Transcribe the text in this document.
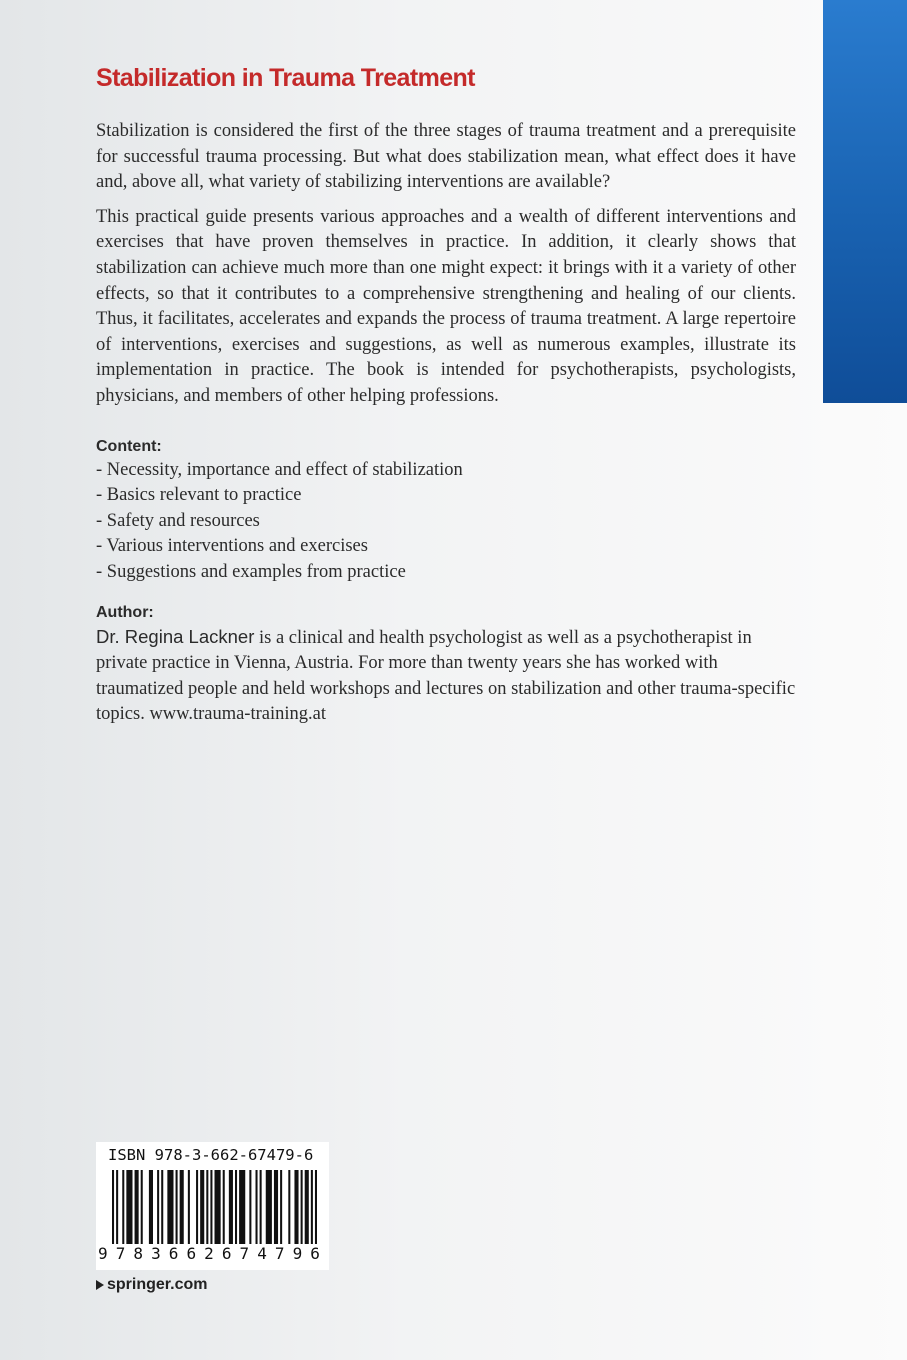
Stabilization in Trauma Treatment

Stabilization is considered the first of the three stages of trauma treatment and a prerequisite for successful trauma processing. But what does stabilization mean, what effect does it have and, above all, what variety of stabilizing interventions are available?

This practical guide presents various approaches and a wealth of different interventions and exercises that have proven themselves in practice. In addition, it clearly shows that stabilization can achieve much more than one might expect: it brings with it a variety of other effects, so that it contributes to a comprehensive strengthening and healing of our clients. Thus, it facilitates, accelerates and expands the process of trauma treatment. A large repertoire of interventions, exercises and suggestions, as well as numerous examples, illustrate its implementation in practice. The book is intended for psychotherapists, psychologists, physicians, and members of other helping professions.

Content:
- Necessity, importance and effect of stabilization
- Basics relevant to practice
- Safety and resources
- Various interventions and exercises
- Suggestions and examples from practice
Author:

Dr. Regina Lackner is a clinical and health psychologist as well as a psychotherapist in private practice in Vienna, Austria. For more than twenty years she has worked with traumatized people and held workshops and lectures on stabilization and other trauma-specific topics. www.trauma-training.at

ISBN 978-3-662-67479-6
9 7 8 3 6 6 2 6 7 4 7 9 6
springer.com
